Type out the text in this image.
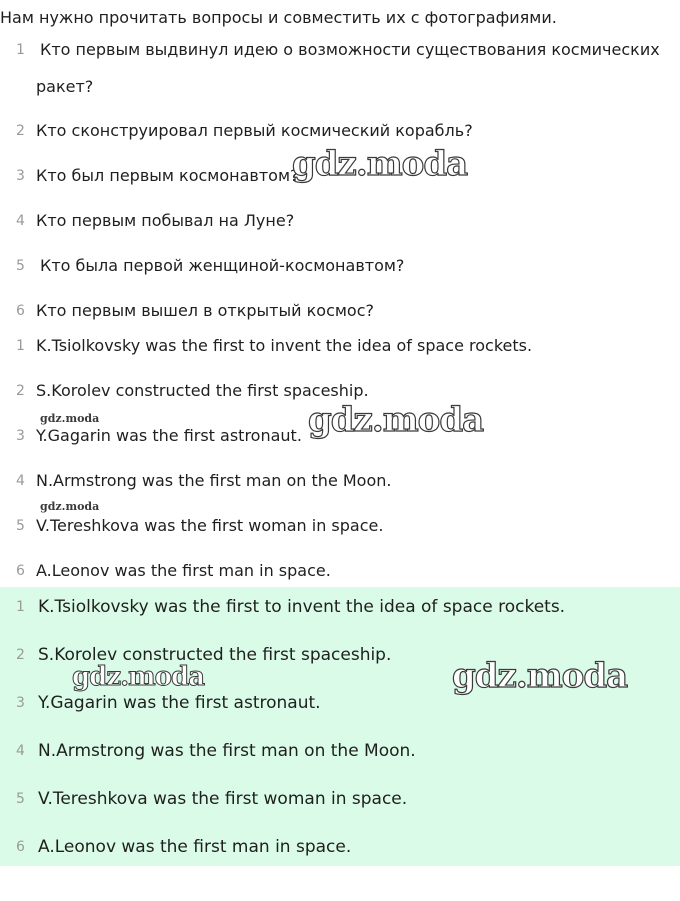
Нам нужно прочитать вопросы и совместить их с фотографиями.
1 Кто первым выдвинул идею о возможности существования космических
ракет?
2 Кто сконструировал первый космический корабль?
3 Кто был первым космонавтом?
4 Кто первым побывал на Луне?
5 Кто была первой женщиной-космонавтом?
6 Кто первым вышел в открытый космос?
1 K.Tsiolkovsky was the first to invent the idea of space rockets.
2 S.Korolev constructed the first spaceship.
3 Y.Gagarin was the first astronaut.
4 N.Armstrong was the first man on the Moon.
5 V.Tereshkova was the first woman in space.
6 A.Leonov was the first man in space.
1 K.Tsiolkovsky was the first to invent the idea of space rockets.
2 S.Korolev constructed the first spaceship.
3 Y.Gagarin was the first astronaut.
4 N.Armstrong was the first man on the Moon.
5 V.Tereshkova was the first woman in space.
6 A.Leonov was the first man in space.
gdz.moda
gdz.moda	gdz.moda
gdz.moda
gdz.moda	gdz.moda
